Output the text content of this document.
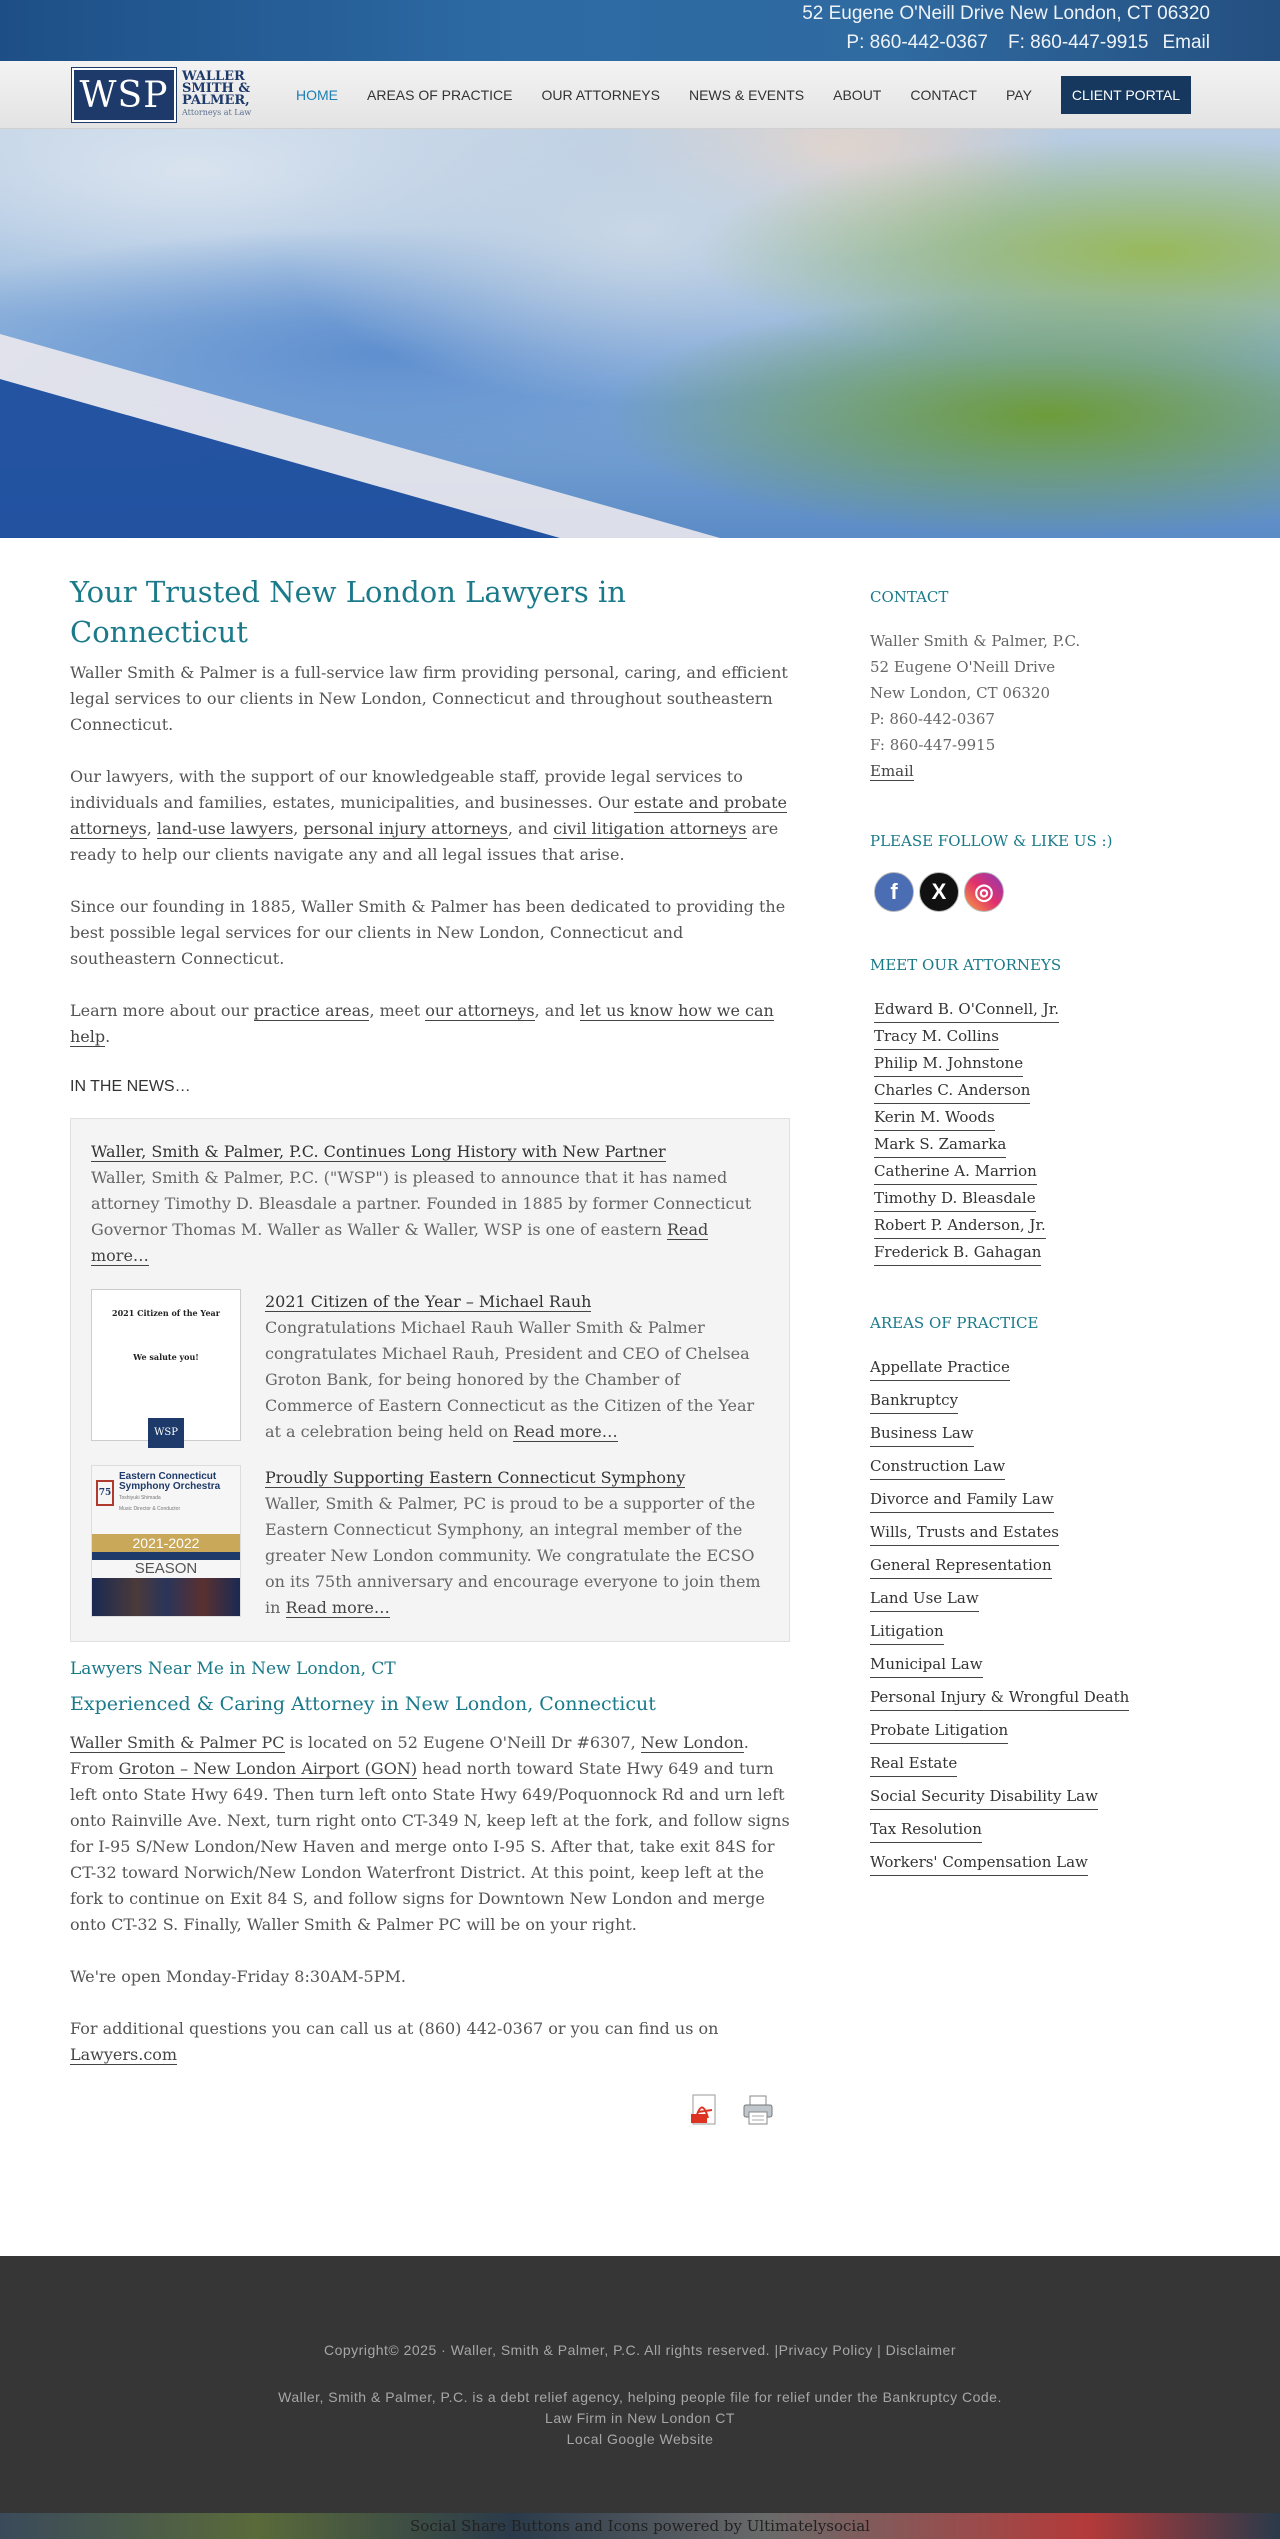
52 Eugene O'Neill Drive New London, CT 06320
P: 860-442-0367 F: 860-447-9915 Email
WSP	WALLER
SMITH &
PALMER,
Attorneys at Law
HOME AREAS OF PRACTICE OUR ATTORNEYS NEWS & EVENTS ABOUT CONTACT PAY	CLIENT PORTAL
Your Trusted New London Lawyers in Connecticut

Waller Smith & Palmer is a full-service law firm providing personal, caring, and efficient legal services to our clients in New London, Connecticut and throughout southeastern Connecticut.

Our lawyers, with the support of our knowledgeable staff, provide legal services to individuals and families, estates, municipalities, and businesses. Our estate and probate attorneys, land-use lawyers, personal injury attorneys, and civil litigation attorneys are ready to help our clients navigate any and all legal issues that arise.

Since our founding in 1885, Waller Smith & Palmer has been dedicated to providing the best possible legal services for our clients in New London, Connecticut and southeastern Connecticut.

Learn more about our practice areas, meet our attorneys, and let us know how we can help.

IN THE NEWS…
Waller, Smith & Palmer, P.C. Continues Long History with New Partner
Waller, Smith & Palmer, P.C. ("WSP") is pleased to announce that it has named attorney Timothy D. Bleasdale a partner. Founded in 1885 by former Connecticut Governor Thomas M. Waller as Waller & Waller, WSP is one of eastern Read more…
2021 Citizen of the Year
We salute you!
WSP
2021 Citizen of the Year – Michael Rauh
Congratulations Michael Rauh Waller Smith & Palmer congratulates Michael Rauh, President and CEO of Chelsea Groton Bank, for being honored by the Chamber of Commerce of Eastern Connecticut as the Citizen of the Year at a celebration being held on Read more…
75
Eastern Connecticut
Symphony Orchestra
Toshiyuki Shimada
Music Director & Conductor
2021-2022
SEASON
Proudly Supporting Eastern Connecticut Symphony
Waller, Smith & Palmer, PC is proud to be a supporter of the Eastern Connecticut Symphony, an integral member of the greater New London community. We congratulate the ECSO on its 75th anniversary and encourage everyone to join them in Read more…
Lawyers Near Me in New London, CT
Experienced & Caring Attorney in New London, Connecticut

Waller Smith & Palmer PC is located on 52 Eugene O'Neill Dr #6307, New London. From Groton – New London Airport (GON) head north toward State Hwy 649 and turn left onto State Hwy 649. Then turn left onto State Hwy 649/Poquonnock Rd and urn left onto Rainville Ave. Next, turn right onto CT-349 N, keep left at the fork, and follow signs for I-95 S/New London/New Haven and merge onto I-95 S. After that, take exit 84S for CT-32 toward Norwich/New London Waterfront District. At this point, keep left at the fork to continue on Exit 84 S, and follow signs for Downtown New London and merge onto CT-32 S. Finally, Waller Smith & Palmer PC will be on your right.

We're open Monday-Friday 8:30AM-5PM.

For additional questions you can call us at (860) 442-0367 or you can find us on Lawyers.com

CONTACT
Waller Smith & Palmer, P.C.
52 Eugene O'Neill Drive
New London, CT 06320
P: 860-442-0367
F: 860-447-9915
Email
PLEASE FOLLOW & LIKE US :)
f	X	◎
MEET OUR ATTORNEYS
Edward B. O'Connell, Jr.
Tracy M. Collins
Philip M. Johnstone
Charles C. Anderson
Kerin M. Woods
Mark S. Zamarka
Catherine A. Marrion
Timothy D. Bleasdale
Robert P. Anderson, Jr.
Frederick B. Gahagan
AREAS OF PRACTICE
Appellate Practice
Bankruptcy
Business Law
Construction Law
Divorce and Family Law
Wills, Trusts and Estates
General Representation
Land Use Law
Litigation
Municipal Law
Personal Injury & Wrongful Death
Probate Litigation
Real Estate
Social Security Disability Law
Tax Resolution
Workers' Compensation Law
Copyright© 2025 · Waller, Smith & Palmer, P.C. All rights reserved. |Privacy Policy | Disclaimer
Waller, Smith & Palmer, P.C. is a debt relief agency, helping people file for relief under the Bankruptcy Code.
Law Firm in New London CT
Local Google Website
Social Share Buttons and Icons powered by Ultimatelysocial
